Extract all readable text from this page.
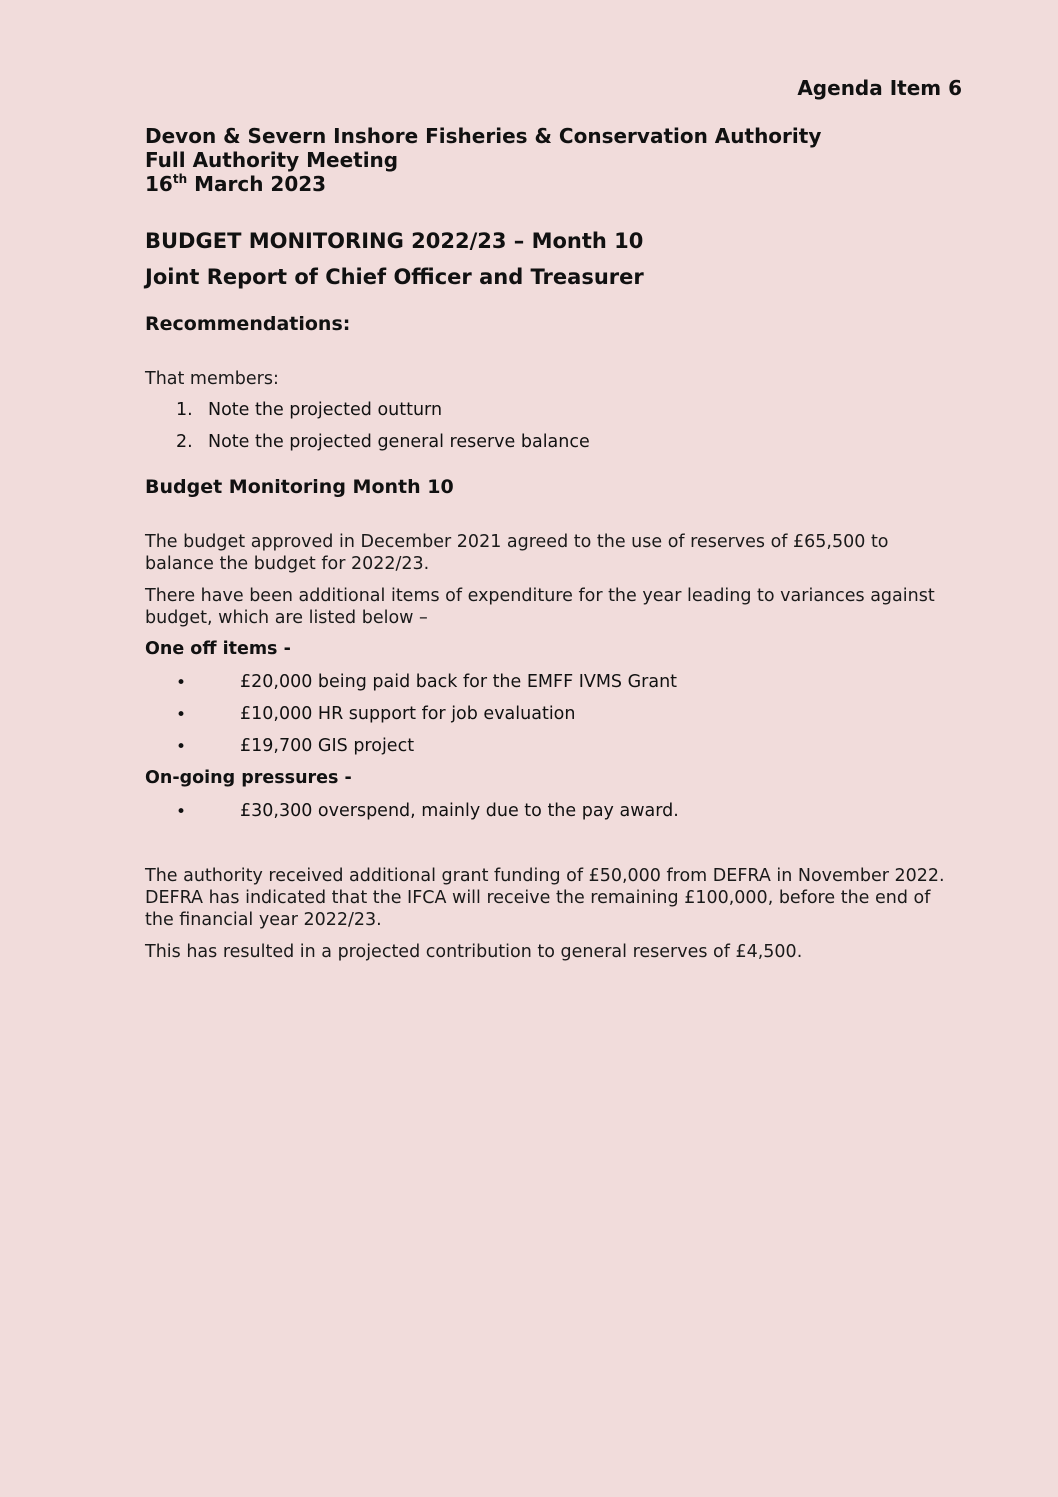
Agenda Item 6
Devon & Severn Inshore Fisheries & Conservation Authority
Full Authority Meeting
16th March 2023
BUDGET MONITORING 2022/23 – Month 10
Joint Report of Chief Officer and Treasurer
Recommendations:
That members:
1. Note the projected outturn
2. Note the projected general reserve balance
Budget Monitoring Month 10
The budget approved in December 2021 agreed to the use of reserves of £65,500 to
balance the budget for 2022/23.
There have been additional items of expenditure for the year leading to variances against
budget, which are listed below –
One off items -
•	£20,000 being paid back for the EMFF IVMS Grant
•	£10,000 HR support for job evaluation
•	£19,700 GIS project
On-going pressures -
•	£30,300 overspend, mainly due to the pay award.
The authority received additional grant funding of £50,000 from DEFRA in November 2022.
DEFRA has indicated that the IFCA will receive the remaining £100,000, before the end of
the financial year 2022/23.
This has resulted in a projected contribution to general reserves of £4,500.
